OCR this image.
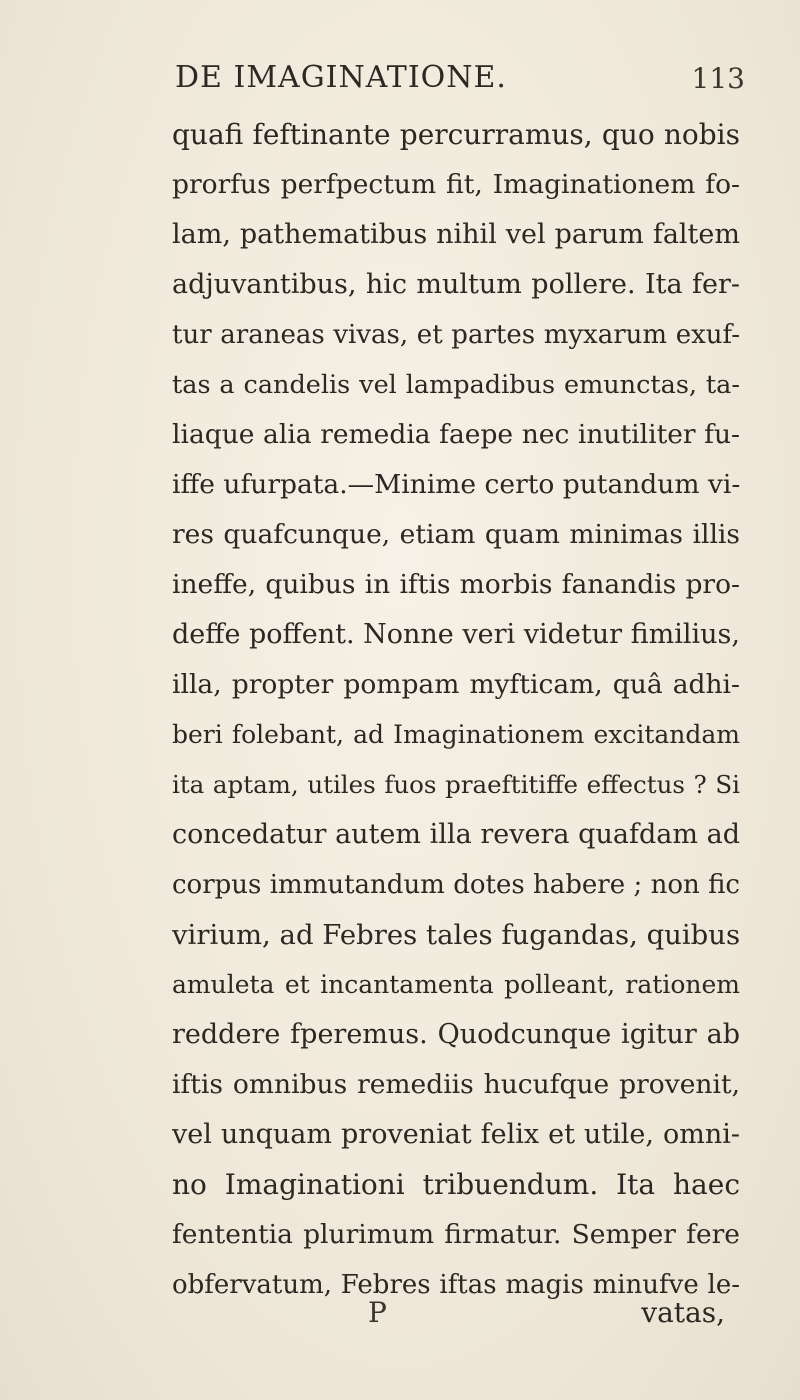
DE IMAGINATIONE.	113
quafi feftinante percurramus, quo nobis
prorfus perfpectum fit, Imaginationem fo-
lam, pathematibus nihil vel parum faltem
adjuvantibus, hic multum pollere. Ita fer-
tur araneas vivas, et partes myxarum exuf-
tas a candelis vel lampadibus emunctas, ta-
liaque alia remedia faepe nec inutiliter fu-
iffe ufurpata.—Minime certo putandum vi-
res quafcunque, etiam quam minimas illis
ineffe, quibus in iftis morbis fanandis pro-
deffe poffent. Nonne veri videtur fimilius,
illa, propter pompam myfticam, quâ adhi-
beri folebant, ad Imaginationem excitandam
ita aptam, utiles fuos praeftitiffe effectus ? Si
concedatur autem illa revera quafdam ad
corpus immutandum dotes habere ; non fic
virium, ad Febres tales fugandas, quibus
amuleta et incantamenta polleant, rationem
reddere fperemus. Quodcunque igitur ab
iftis omnibus remediis hucufque provenit,
vel unquam proveniat felix et utile, omni-
no Imaginationi tribuendum. Ita haec
fententia plurimum firmatur. Semper fere
obfervatum, Febres iftas magis minufve le-
P	vatas,
